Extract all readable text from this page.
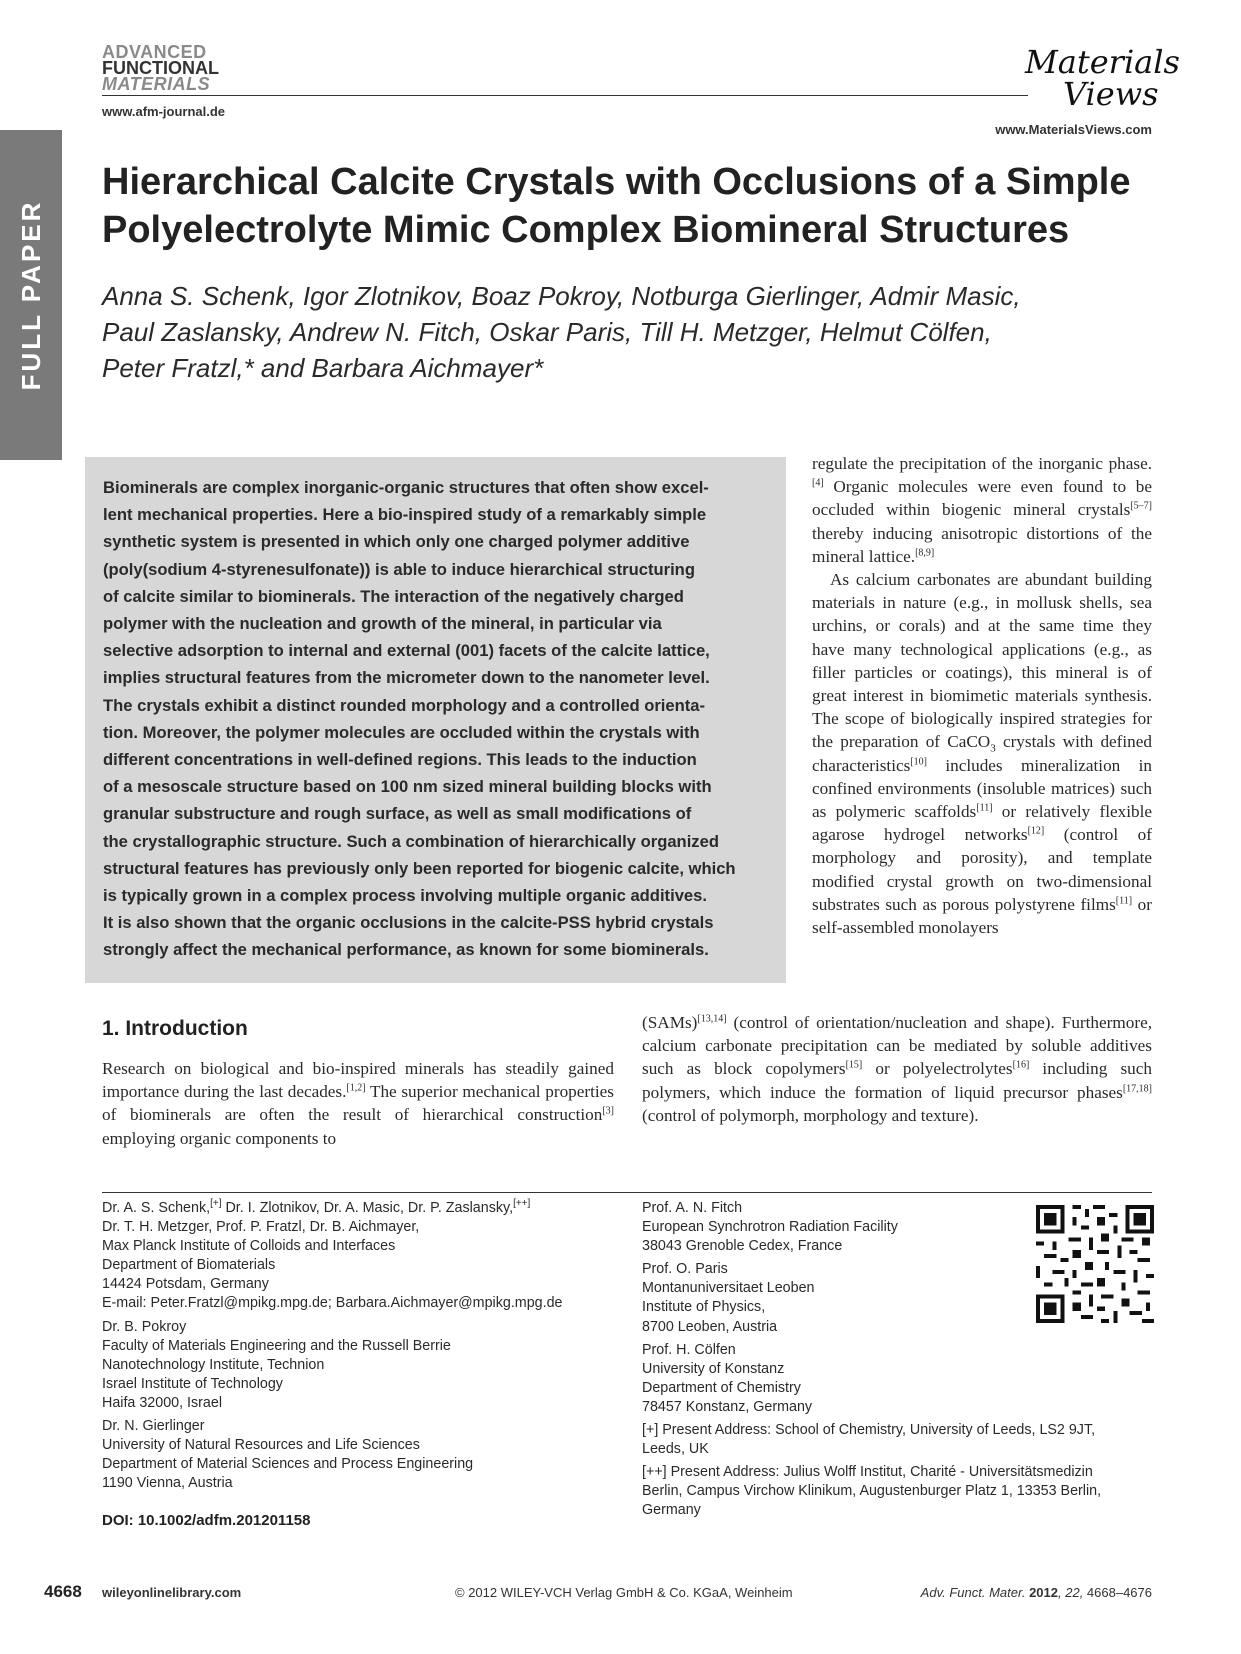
FULL PAPER
ADVANCED
FUNCTIONAL
MATERIALS
www.afm-journal.de
Materials
Views
www.MaterialsViews.com
Hierarchical Calcite Crystals with Occlusions of a Simple
Polyelectrolyte Mimic Complex Biomineral Structures
Anna S. Schenk, Igor Zlotnikov, Boaz Pokroy, Notburga Gierlinger, Admir Masic,
Paul Zaslansky, Andrew N. Fitch, Oskar Paris, Till H. Metzger, Helmut Cölfen,
Peter Fratzl,* and Barbara Aichmayer*
Biominerals are complex inorganic-organic structures that often show excel-
lent mechanical properties. Here a bio-inspired study of a remarkably simple
synthetic system is presented in which only one charged polymer additive
(poly(sodium 4-styrenesulfonate)) is able to induce hierarchical structuring
of calcite similar to biominerals. The interaction of the negatively charged
polymer with the nucleation and growth of the mineral, in particular via
selective adsorption to internal and external (001) facets of the calcite lattice,
implies structural features from the micrometer down to the nanometer level.
The crystals exhibit a distinct rounded morphology and a controlled orienta-
tion. Moreover, the polymer molecules are occluded within the crystals with
different concentrations in well-defined regions. This leads to the induction
of a mesoscale structure based on 100 nm sized mineral building blocks with
granular substructure and rough surface, as well as small modifications of
the crystallographic structure. Such a combination of hierarchically organized
structural features has previously only been reported for biogenic calcite, which
is typically grown in a complex process involving multiple organic additives.
It is also shown that the organic occlusions in the calcite-PSS hybrid crystals
strongly affect the mechanical performance, as known for some biominerals.

regulate the precipitation of the inorganic phase.[4] Organic molecules were even found to be occluded within biogenic mineral crystals[5–7] thereby inducing anisotropic distortions of the mineral lattice.[8,9]

As calcium carbonates are abundant building materials in nature (e.g., in mollusk shells, sea urchins, or corals) and at the same time they have many technological applications (e.g., as filler particles or coatings), this mineral is of great interest in biomimetic materials synthesis. The scope of biologically inspired strategies for the preparation of CaCO$_3$ crystals with defined characteristics[10] includes mineralization in confined environments (insoluble matrices) such as polymeric scaffolds[11] or relatively flexible agarose hydrogel networks[12] (control of morphology and porosity), and template modified crystal growth on two-dimensional substrates such as porous polystyrene films[11] or self-assembled monolayers

(SAMs)[13,14] (control of orientation/nucleation and shape). Furthermore, calcium carbonate precipitation can be mediated by soluble additives such as block copolymers[15] or polyelectrolytes[16] including such polymers, which induce the formation of liquid precursor phases[17,18] (control of polymorph, morphology and texture).

1. Introduction

Research on biological and bio-inspired minerals has steadily gained importance during the last decades.[1,2] The superior mechanical properties of biominerals are often the result of hierarchical construction[3] employing organic components to

Dr. A. S. Schenk,[+] Dr. I. Zlotnikov, Dr. A. Masic, Dr. P. Zaslansky,[++]
Dr. T. H. Metzger, Prof. P. Fratzl, Dr. B. Aichmayer,
Max Planck Institute of Colloids and Interfaces
Department of Biomaterials
14424 Potsdam, Germany
E-mail: Peter.Fratzl@mpikg.mpg.de; Barbara.Aichmayer@mpikg.mpg.de
Dr. B. Pokroy
Faculty of Materials Engineering and the Russell Berrie
Nanotechnology Institute, Technion
Israel Institute of Technology
Haifa 32000, Israel
Dr. N. Gierlinger
University of Natural Resources and Life Sciences
Department of Material Sciences and Process Engineering
1190 Vienna, Austria
DOI: 10.1002/adfm.201201158
Prof. A. N. Fitch
European Synchrotron Radiation Facility
38043 Grenoble Cedex, France
Prof. O. Paris
Montanuniversitaet Leoben
Institute of Physics,
8700 Leoben, Austria
Prof. H. Cölfen
University of Konstanz
Department of Chemistry
78457 Konstanz, Germany
[+] Present Address: School of Chemistry, University of Leeds, LS2 9JT,
Leeds, UK
[++] Present Address: Julius Wolff Institut, Charité - Universitätsmedizin
Berlin, Campus Virchow Klinikum, Augustenburger Platz 1, 13353 Berlin,
Germany
4668 wileyonlinelibrary.com	© 2012 WILEY-VCH Verlag GmbH & Co. KGaA, Weinheim	Adv. Funct. Mater. 2012, 22, 4668–4676
